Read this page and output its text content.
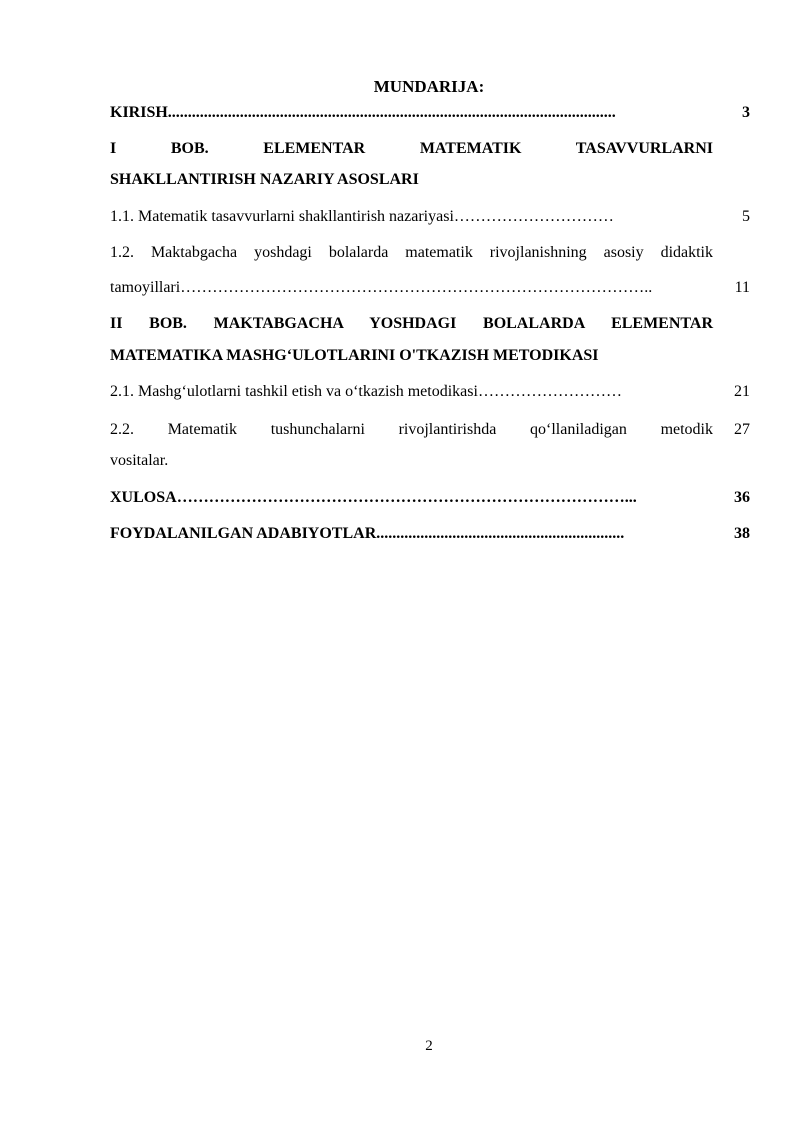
MUNDARIJA:
KIRISH................................................................................................................	3
I BOB. ELEMENTAR MATEMATIK TASAVVURLARNI
SHAKLLANTIRISH NAZARIY ASOSLARI
1.1. Matematik tasavvurlarni shakllantirish nazariyasi…………………………	5
1.2. Maktabgacha yoshdagi bolalarda matematik rivojlanishning asosiy didaktik
tamoyillari……………………………………………………………………………..	11
II BOB. MAKTABGACHA YOSHDAGI BOLALARDA ELEMENTAR
MATEMATIKA MASHG‘ULOTLARINI O'TKAZISH METODIKASI
2.1. Mashg‘ulotlarni tashkil etish va o‘tkazish metodikasi………………………	21
2.2. Matematik tushunchalarni rivojlantirishda qo‘llaniladigan metodik	27
vositalar.
XULOSA…………………………………………………………………………...	36
FOYDALANILGAN ADABIYOTLAR..............................................................	38
2
